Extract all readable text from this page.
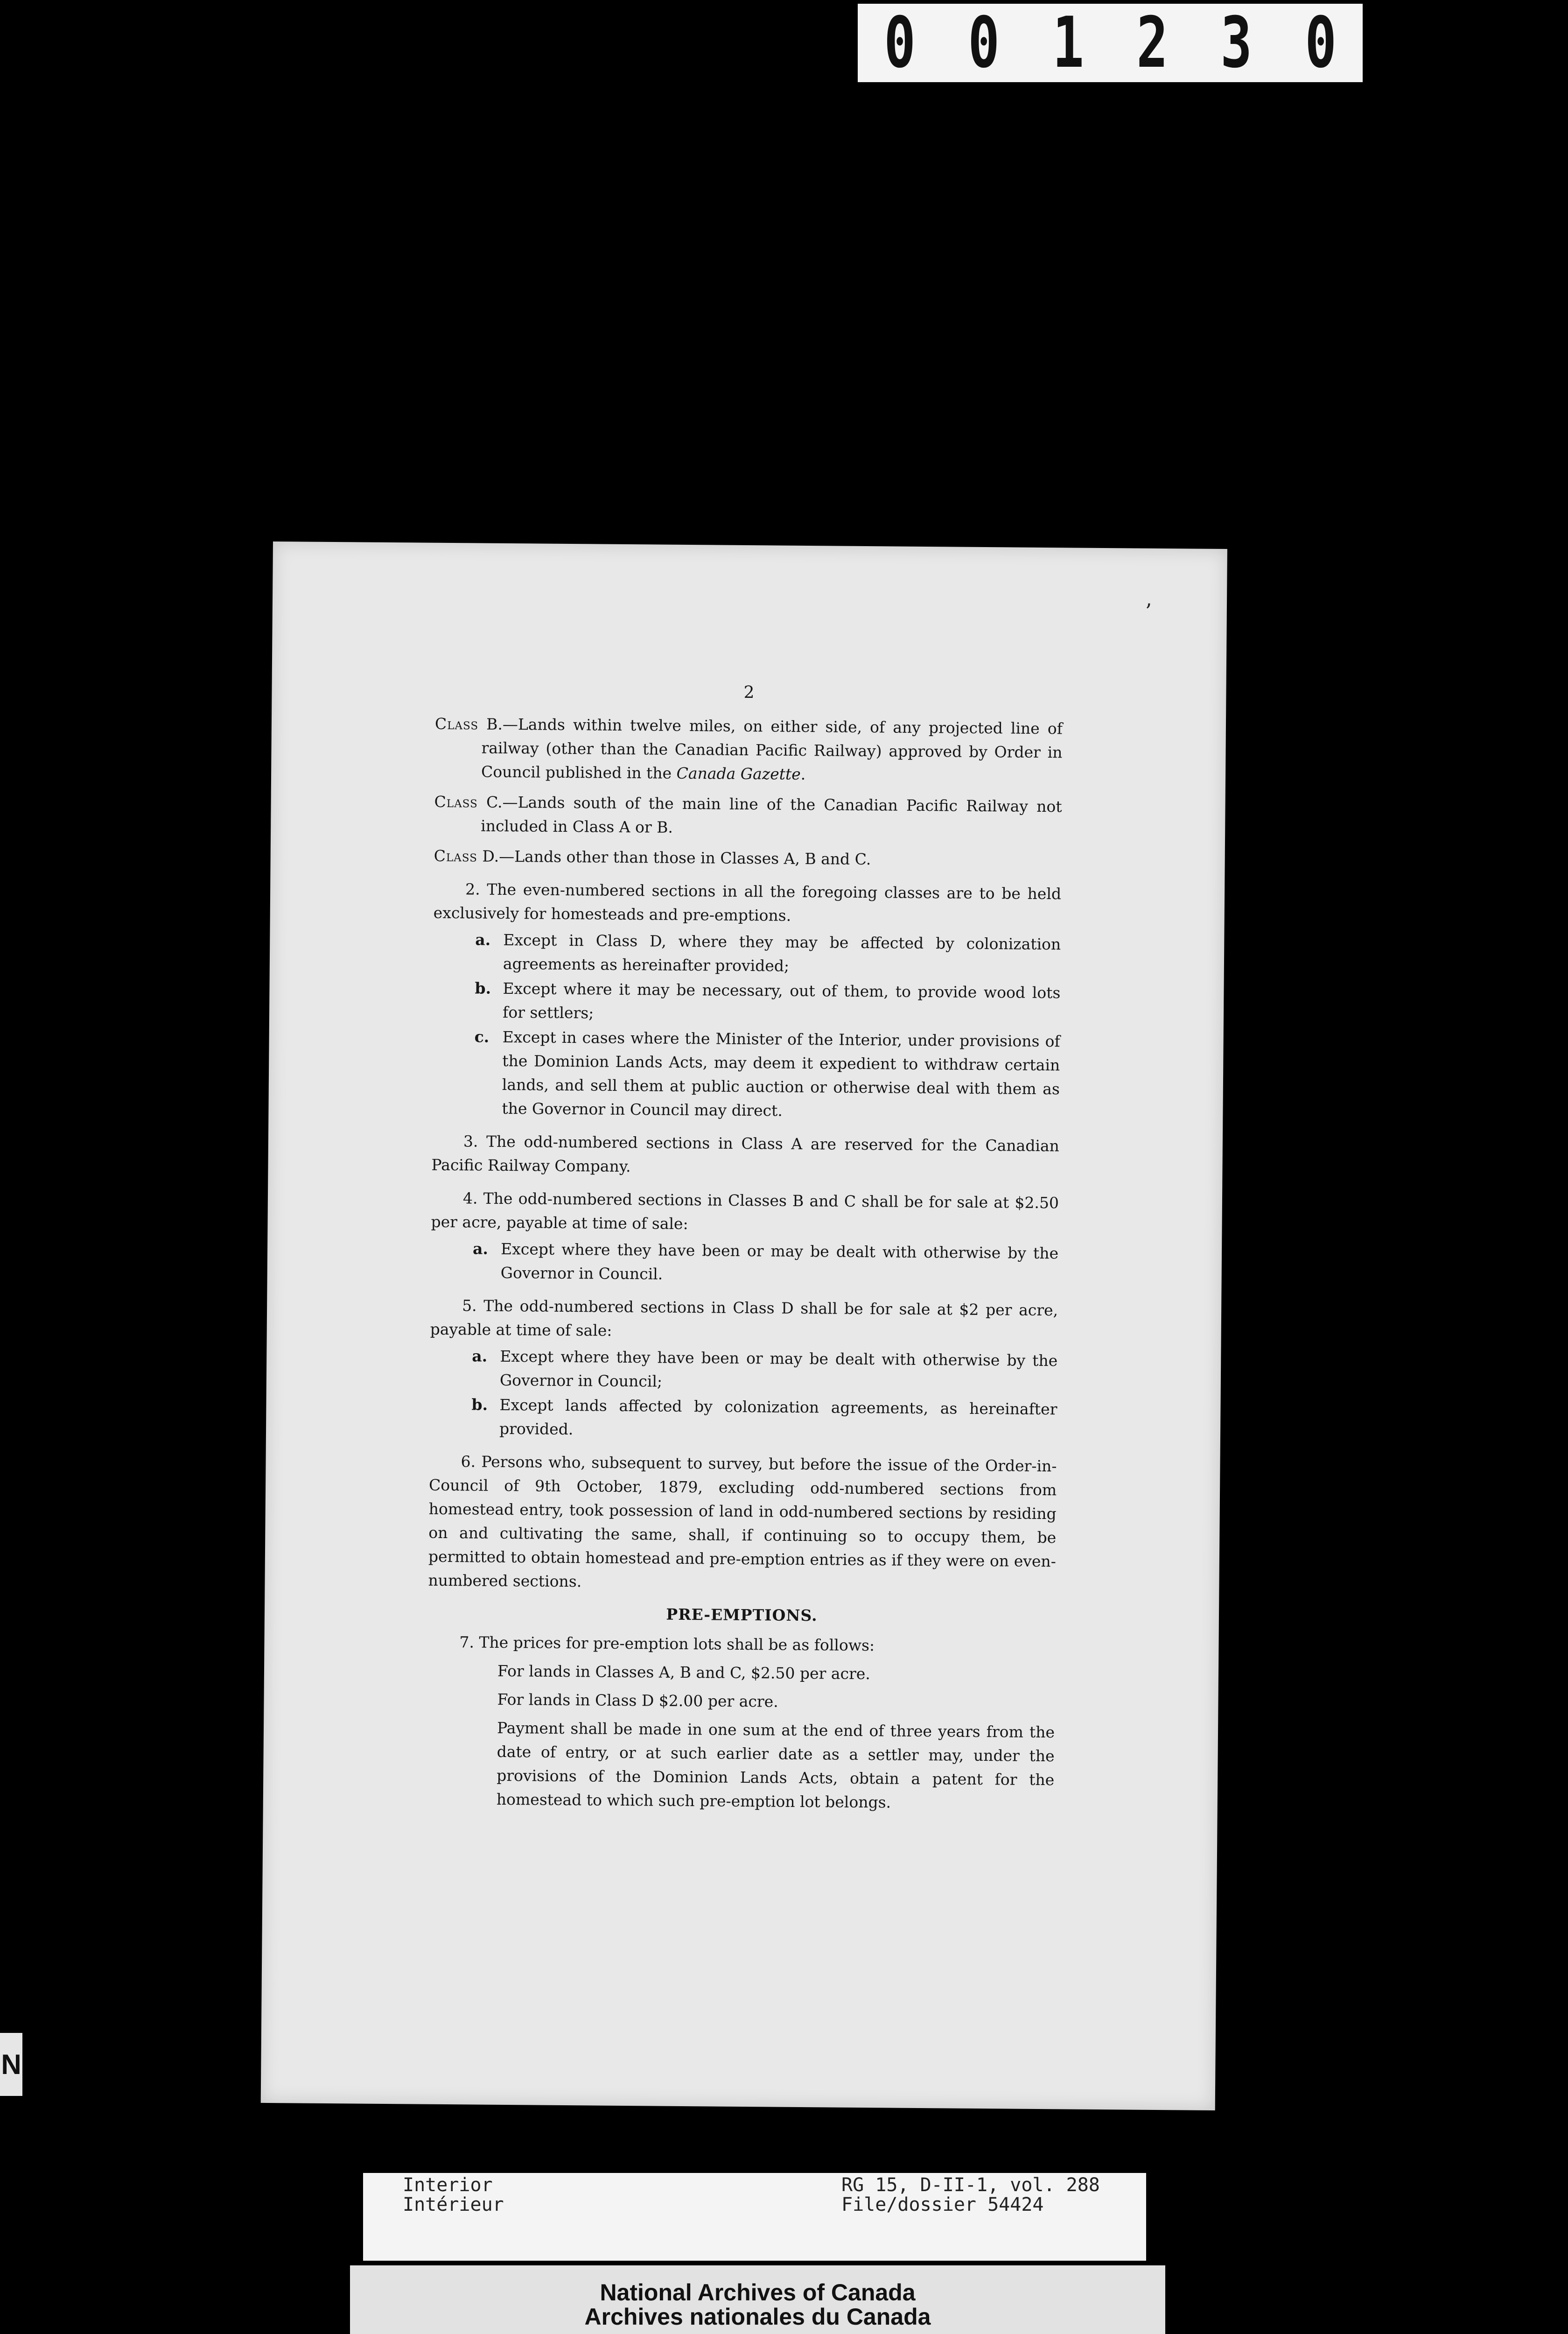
0 0 1 2 3 0
’
2

Class B.—Lands within twelve miles, on either side, of any projected line of railway (other than the Canadian Pacific Railway) approved by Order in Council published in the Canada Gazette.

Class C.—Lands south of the main line of the Canadian Pacific Railway not included in Class A or B.

Class D.—Lands other than those in Classes A, B and C.

2. The even-numbered sections in all the foregoing classes are to be held exclusively for homesteads and pre-emptions.

a. Except in Class D, where they may be affected by colonization agreements as hereinafter provided;
b. Except where it may be necessary, out of them, to provide wood lots for settlers;
c. Except in cases where the Minister of the Interior, under provisions of the Dominion Lands Acts, may deem it expedient to withdraw certain lands, and sell them at public auction or otherwise deal with them as the Governor in Council may direct.

3. The odd-numbered sections in Class A are reserved for the Canadian Pacific Railway Company.

4. The odd-numbered sections in Classes B and C shall be for sale at $2.50 per acre, payable at time of sale:

a. Except where they have been or may be dealt with otherwise by the Governor in Council.

5. The odd-numbered sections in Class D shall be for sale at $2 per acre, payable at time of sale:

a. Except where they have been or may be dealt with otherwise by the Governor in Council;
b. Except lands affected by colonization agreements, as hereinafter provided.

6. Persons who, subsequent to survey, but before the issue of the Order-in-Council of 9th October, 1879, excluding odd-numbered sections from homestead entry, took possession of land in odd-numbered sections by residing on and cultivating the same, shall, if continuing so to occupy them, be permitted to obtain homestead and pre-emption entries as if they were on even-numbered sections.

PRE-EMPTIONS.

7. The prices for pre-emption lots shall be as follows:

For lands in Classes A, B and C, $2.50 per acre.

For lands in Class D $2.00 per acre.

Payment shall be made in one sum at the end of three years from the date of entry, or at such earlier date as a settler may, under the provisions of the Dominion Lands Acts, obtain a patent for the homestead to which such pre-emption lot belongs.

N
Interior
Intérieur
RG 15, D-II-1, vol. 288
File/dossier 54424
National Archives of Canada
Archives nationales du Canada
